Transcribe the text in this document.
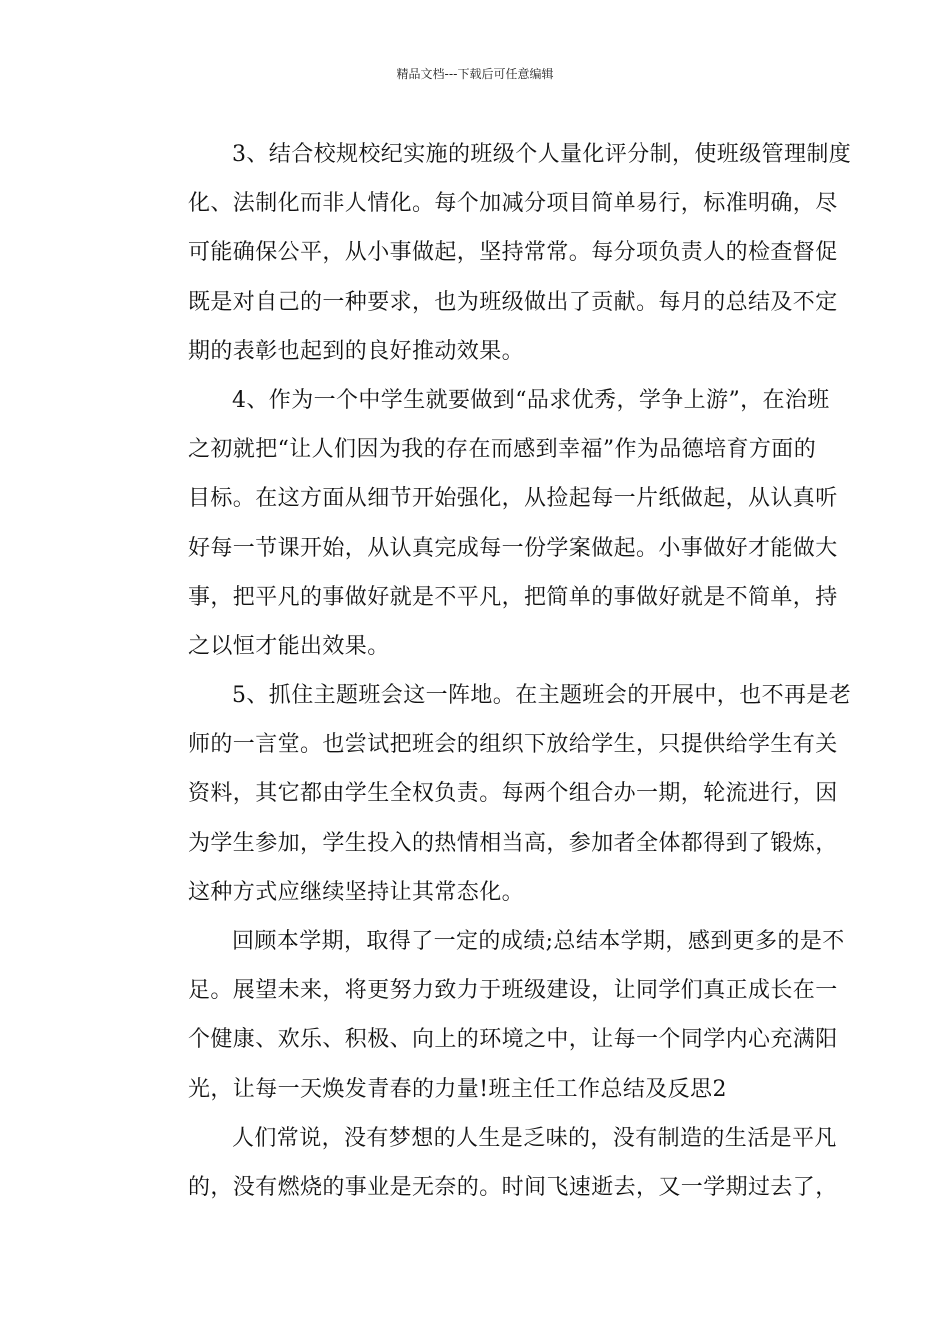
精品文档---下载后可任意编辑
3、结合校规校纪实施的班级个人量化评分制，使班级管理制度
化、法制化而非人情化。每个加减分项目简单易行，标准明确，尽
可能确保公平，从小事做起，坚持常常。每分项负责人的检查督促
既是对自己的一种要求，也为班级做出了贡献。每月的总结及不定
期的表彰也起到的良好推动效果。
4、作为一个中学生就要做到“品求优秀，学争上游”，在治班
之初就把“让人们因为我的存在而感到幸福”作为品德培育方面的
目标。在这方面从细节开始强化，从捡起每一片纸做起，从认真听
好每一节课开始，从认真完成每一份学案做起。小事做好才能做大
事，把平凡的事做好就是不平凡，把简单的事做好就是不简单，持
之以恒才能出效果。
5、抓住主题班会这一阵地。在主题班会的开展中，也不再是老
师的一言堂。也尝试把班会的组织下放给学生，只提供给学生有关
资料，其它都由学生全权负责。每两个组合办一期，轮流进行，因
为学生参加，学生投入的热情相当高，参加者全体都得到了锻炼，
这种方式应继续坚持让其常态化。
回顾本学期，取得了一定的成绩;总结本学期，感到更多的是不
足。展望未来，将更努力致力于班级建设，让同学们真正成长在一
个健康、欢乐、积极、向上的环境之中，让每一个同学内心充满阳
光，让每一天焕发青春的力量!班主任工作总结及反思2
人们常说，没有梦想的人生是乏味的，没有制造的生活是平凡
的，没有燃烧的事业是无奈的。时间飞速逝去，又一学期过去了，
